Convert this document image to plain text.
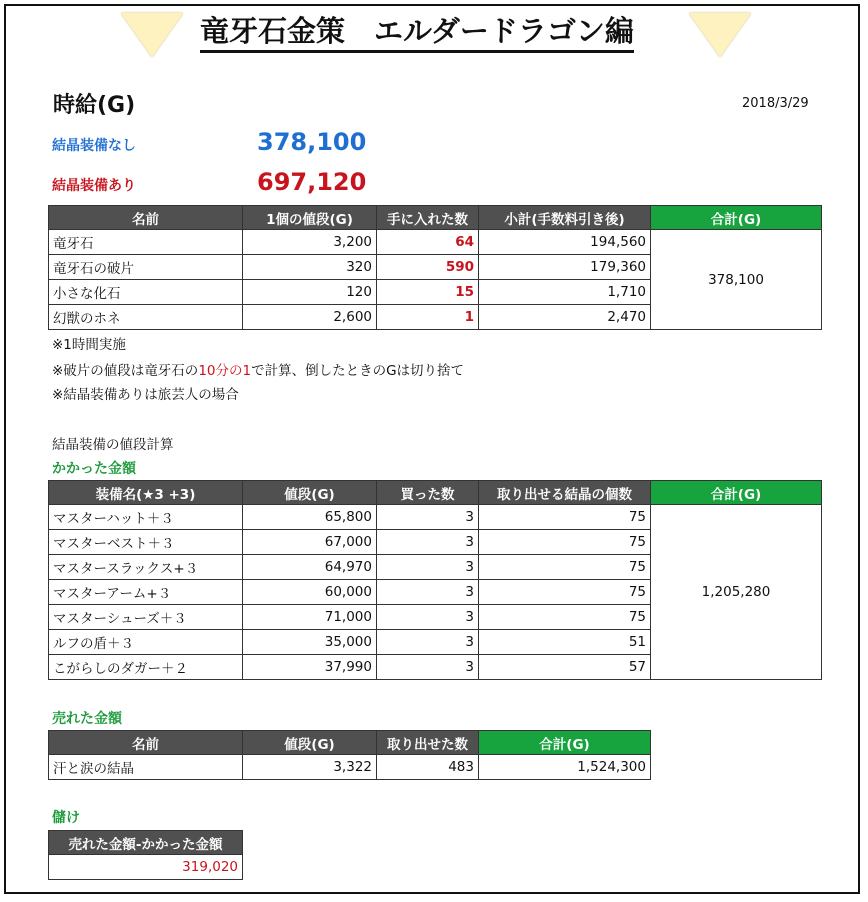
竜牙石金策　エルダードラゴン編
時給(G)	2018/3/29
結晶装備なし	378,100
結晶装備あり	697,120
名前	1個の値段(G)	手に入れた数	小計(手数料引き後)	合計(G)
竜牙石	3,200	64	194,560	378,100
竜牙石の破片	320	590	179,360	
小さな化石	120	15	1,710	
幻獣のホネ	2,600	1	2,470	
※1時間実施
※破片の値段は竜牙石の10分の1で計算、倒したときのGは切り捨て
※結晶装備ありは旅芸人の場合
結晶装備の値段計算
かかった金額
装備名(★3 +3)	値段(G)	買った数	取り出せる結晶の個数	合計(G)
マスターハット＋３	65,800	3	75	1,205,280
マスターベスト＋３	67,000	3	75	
マスタースラックス+３	64,970	3	75	
マスターアーム+３	60,000	3	75	
マスターシューズ＋３	71,000	3	75	
ルフの盾＋３	35,000	3	51	
こがらしのダガー＋２	37,990	3	57	
売れた金額
名前	値段(G)	取り出せた数	合計(G)
汗と涙の結晶	3,322	483	1,524,300
儲け
売れた金額-かかった金額
319,020
